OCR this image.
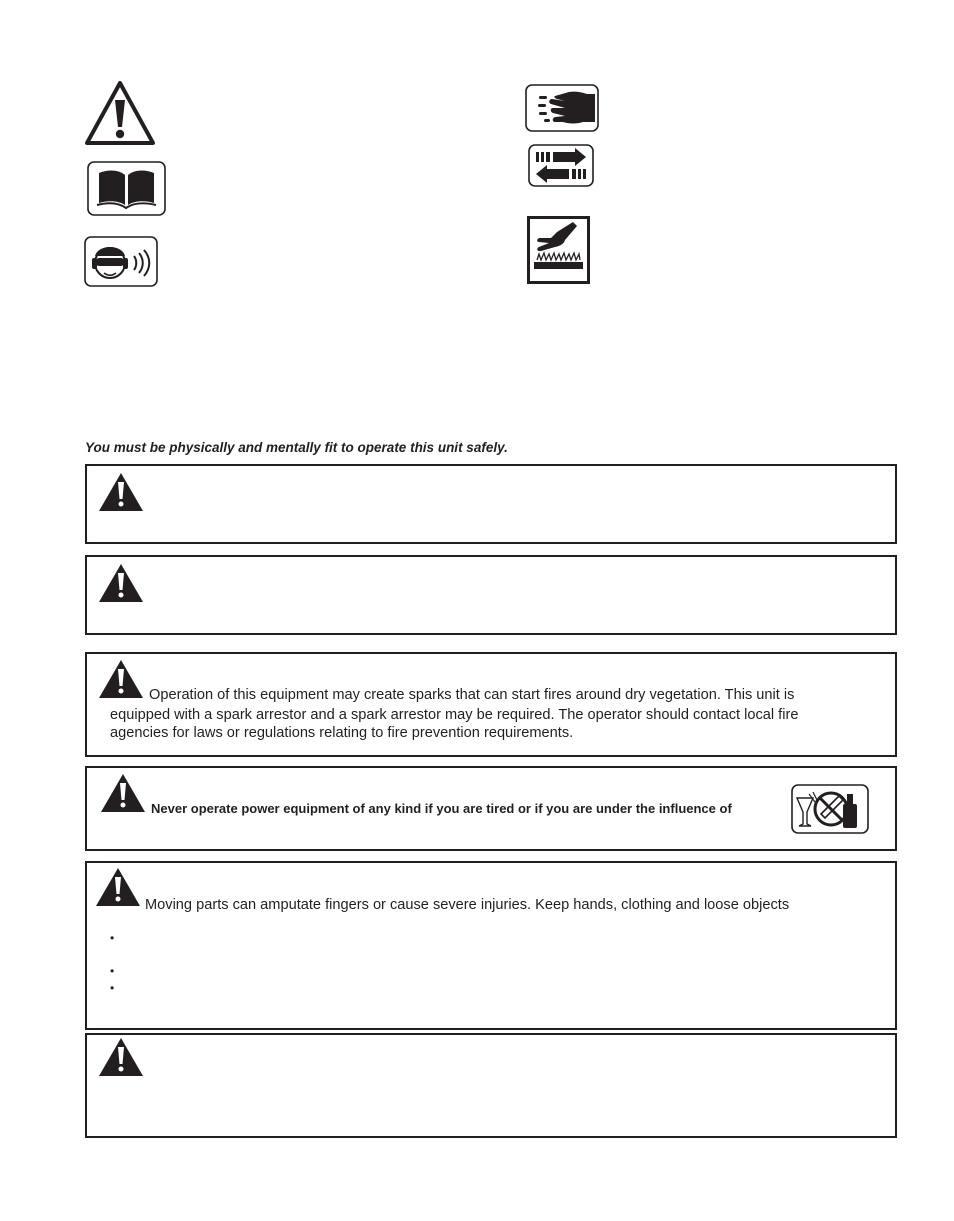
You must be physically and mentally fit to operate this unit safely.
Operation of this equipment may create sparks that can start fires around dry vegetation. This unit is
equipped with a spark arrestor and a spark arrestor may be required. The operator should contact local fire
agencies for laws or regulations relating to fire prevention requirements.
Never operate power equipment of any kind if you are tired or if you are under the influence of
Moving parts can amputate fingers or cause severe injuries. Keep hands, clothing and loose objects
•
•
•
